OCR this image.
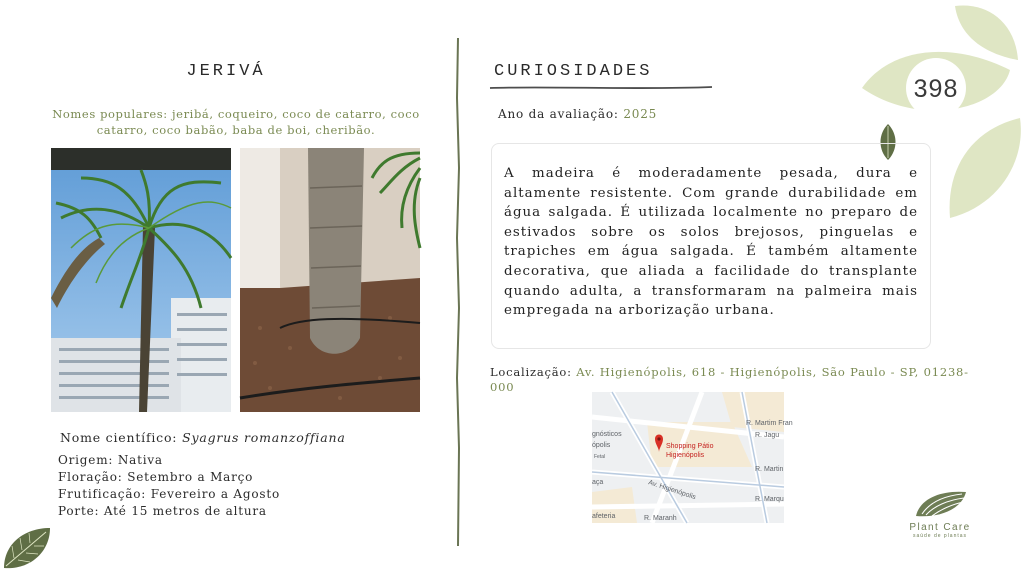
JERIVÁ
Nomes populares: jeribá, coqueiro, coco de catarro, coco catarro, coco babão, baba de boi, cheribão.
Nome científico: Syagrus romanzoffiana
Origem: Nativa
Floração: Setembro a Março
Frutificação: Fevereiro a Agosto
Porte: Até 15 metros de altura
CURIOSIDADES
Ano da avaliação: 2025

A madeira é moderadamente pesada, dura e altamente resistente. Com grande durabilidade em água salgada. É utilizada localmente no preparo de estivados sobre os solos brejosos, pinguelas e trapiches em água salgada. É também altamente decorativa, que aliada a facilidade do transplante quando adulta, a transformaram na palmeira mais empregada na arborização urbana.

Localização: Av. Higienópolis, 618 - Higienópolis, São Paulo - SP, 01238-000
Shopping Pátio
Higienópolis
R. Martim Fran
R. Jagu
R. Martin
R. Marqu
R. Maranh
Av. Higienópolis
gnósticos
ópolis
Fetal
aça
afeteria
398
Plant Care
saúde de plantas
